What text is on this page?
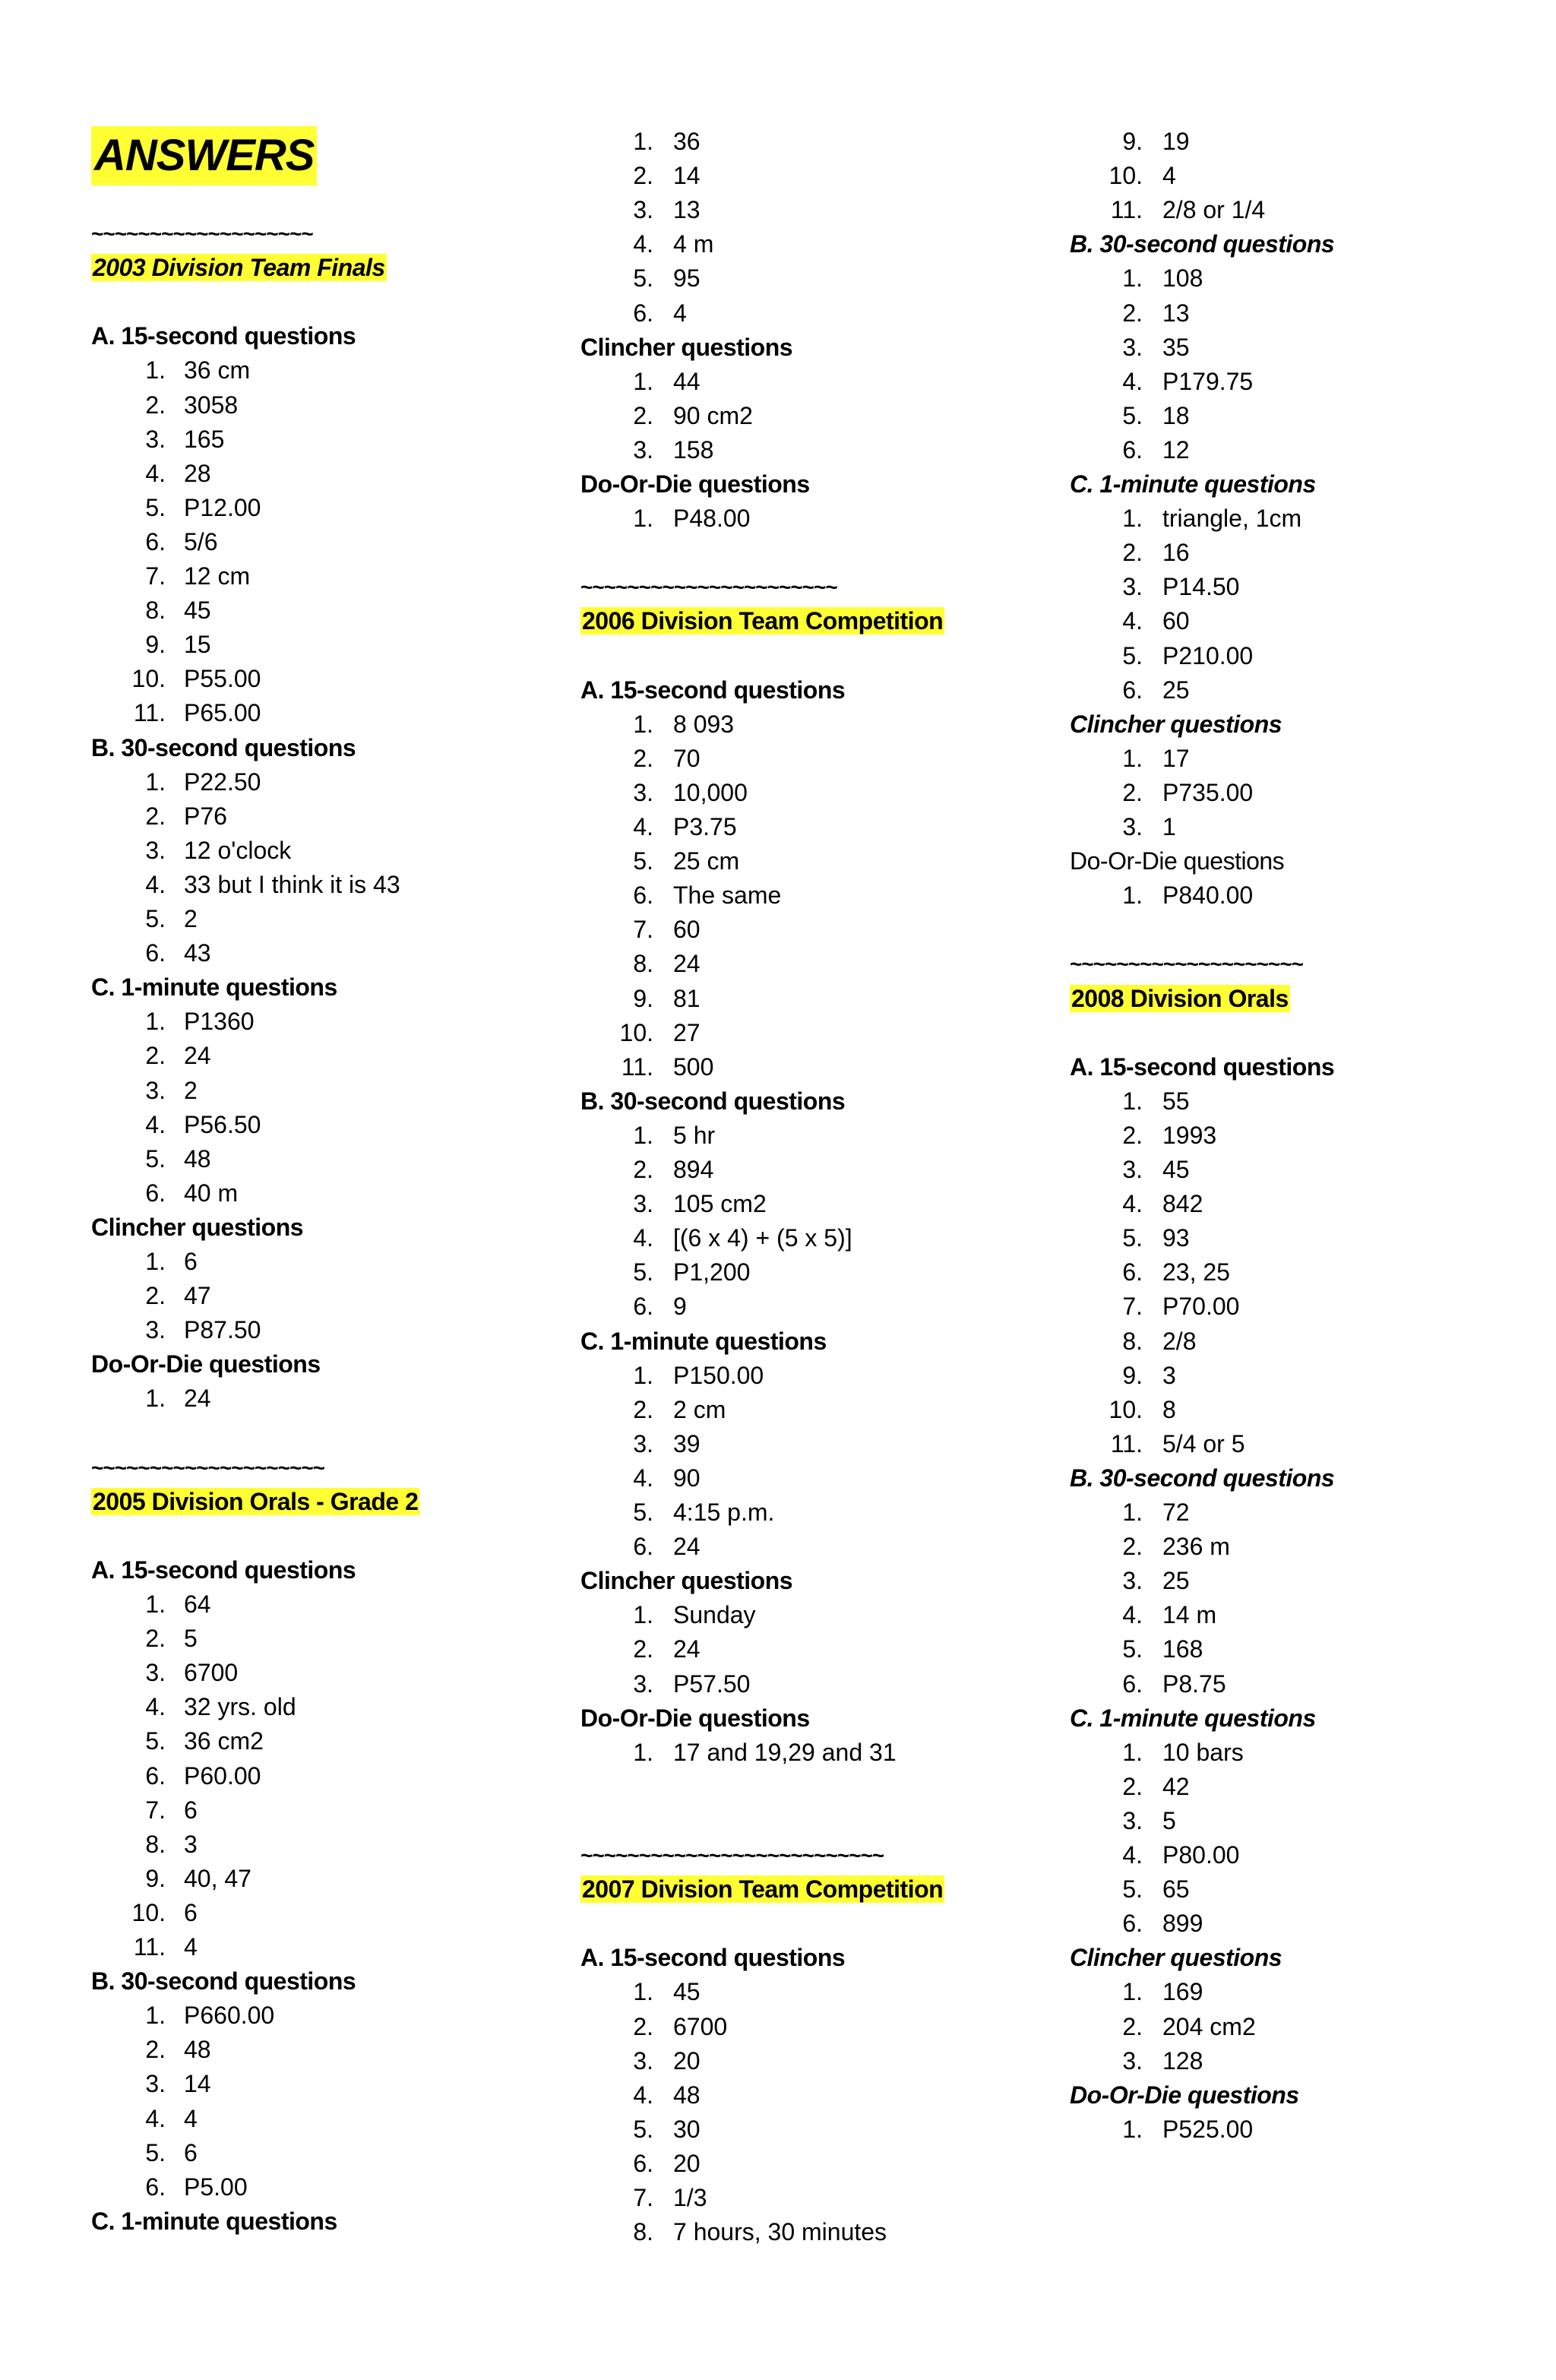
ANSWERS
~~~~~~~~~~~~~~~~~~~
2003 Division Team Finals
A. 15-second questions
1. 36 cm
2. 3058
3. 165
4. 28
5. P12.00
6. 5/6
7. 12 cm
8. 45
9. 15
10. P55.00
11. P65.00
B. 30-second questions
1. P22.50
2. P76
3. 12 o'clock
4. 33 but I think it is 43
5. 2
6. 43
C. 1-minute questions
1. P1360
2. 24
3. 2
4. P56.50
5. 48
6. 40 m
Clincher questions
1. 6
2. 47
3. P87.50
Do-Or-Die questions
1. 24
~~~~~~~~~~~~~~~~~~~~
2005 Division Orals - Grade 2
A. 15-second questions
1. 64
2. 5
3. 6700
4. 32 yrs. old
5. 36 cm2
6. P60.00
7. 6
8. 3
9. 40, 47
10. 6
11. 4
B. 30-second questions
1. P660.00
2. 48
3. 14
4. 4
5. 6
6. P5.00
C. 1-minute questions
1. 36
2. 14
3. 13
4. 4 m
5. 95
6. 4
Clincher questions
1. 44
2. 90 cm2
3. 158
Do-Or-Die questions
1. P48.00
~~~~~~~~~~~~~~~~~~~~~~
2006 Division Team Competition
A. 15-second questions
1. 8 093
2. 70
3. 10,000
4. P3.75
5. 25 cm
6. The same
7. 60
8. 24
9. 81
10. 27
11. 500
B. 30-second questions
1. 5 hr
2. 894
3. 105 cm2
4. [(6 x 4) + (5 x 5)]
5. P1,200
6. 9
C. 1-minute questions
1. P150.00
2. 2 cm
3. 39
4. 90
5. 4:15 p.m.
6. 24
Clincher questions
1. Sunday
2. 24
3. P57.50
Do-Or-Die questions
1. 17 and 19,29 and 31
~~~~~~~~~~~~~~~~~~~~~~~~~~
2007 Division Team Competition
A. 15-second questions
1. 45
2. 6700
3. 20
4. 48
5. 30
6. 20
7. 1/3
8. 7 hours, 30 minutes
9. 19
10. 4
11. 2/8 or 1/4
B. 30-second questions
1. 108
2. 13
3. 35
4. P179.75
5. 18
6. 12
C. 1-minute questions
1. triangle, 1cm
2. 16
3. P14.50
4. 60
5. P210.00
6. 25
Clincher questions
1. 17
2. P735.00
3. 1
Do-Or-Die questions
1. P840.00
~~~~~~~~~~~~~~~~~~~~
2008 Division Orals
A. 15-second questions
1. 55
2. 1993
3. 45
4. 842
5. 93
6. 23, 25
7. P70.00
8. 2/8
9. 3
10. 8
11. 5/4 or 5
B. 30-second questions
1. 72
2. 236 m
3. 25
4. 14 m
5. 168
6. P8.75
C. 1-minute questions
1. 10 bars
2. 42
3. 5
4. P80.00
5. 65
6. 899
Clincher questions
1. 169
2. 204 cm2
3. 128
Do-Or-Die questions
1. P525.00
